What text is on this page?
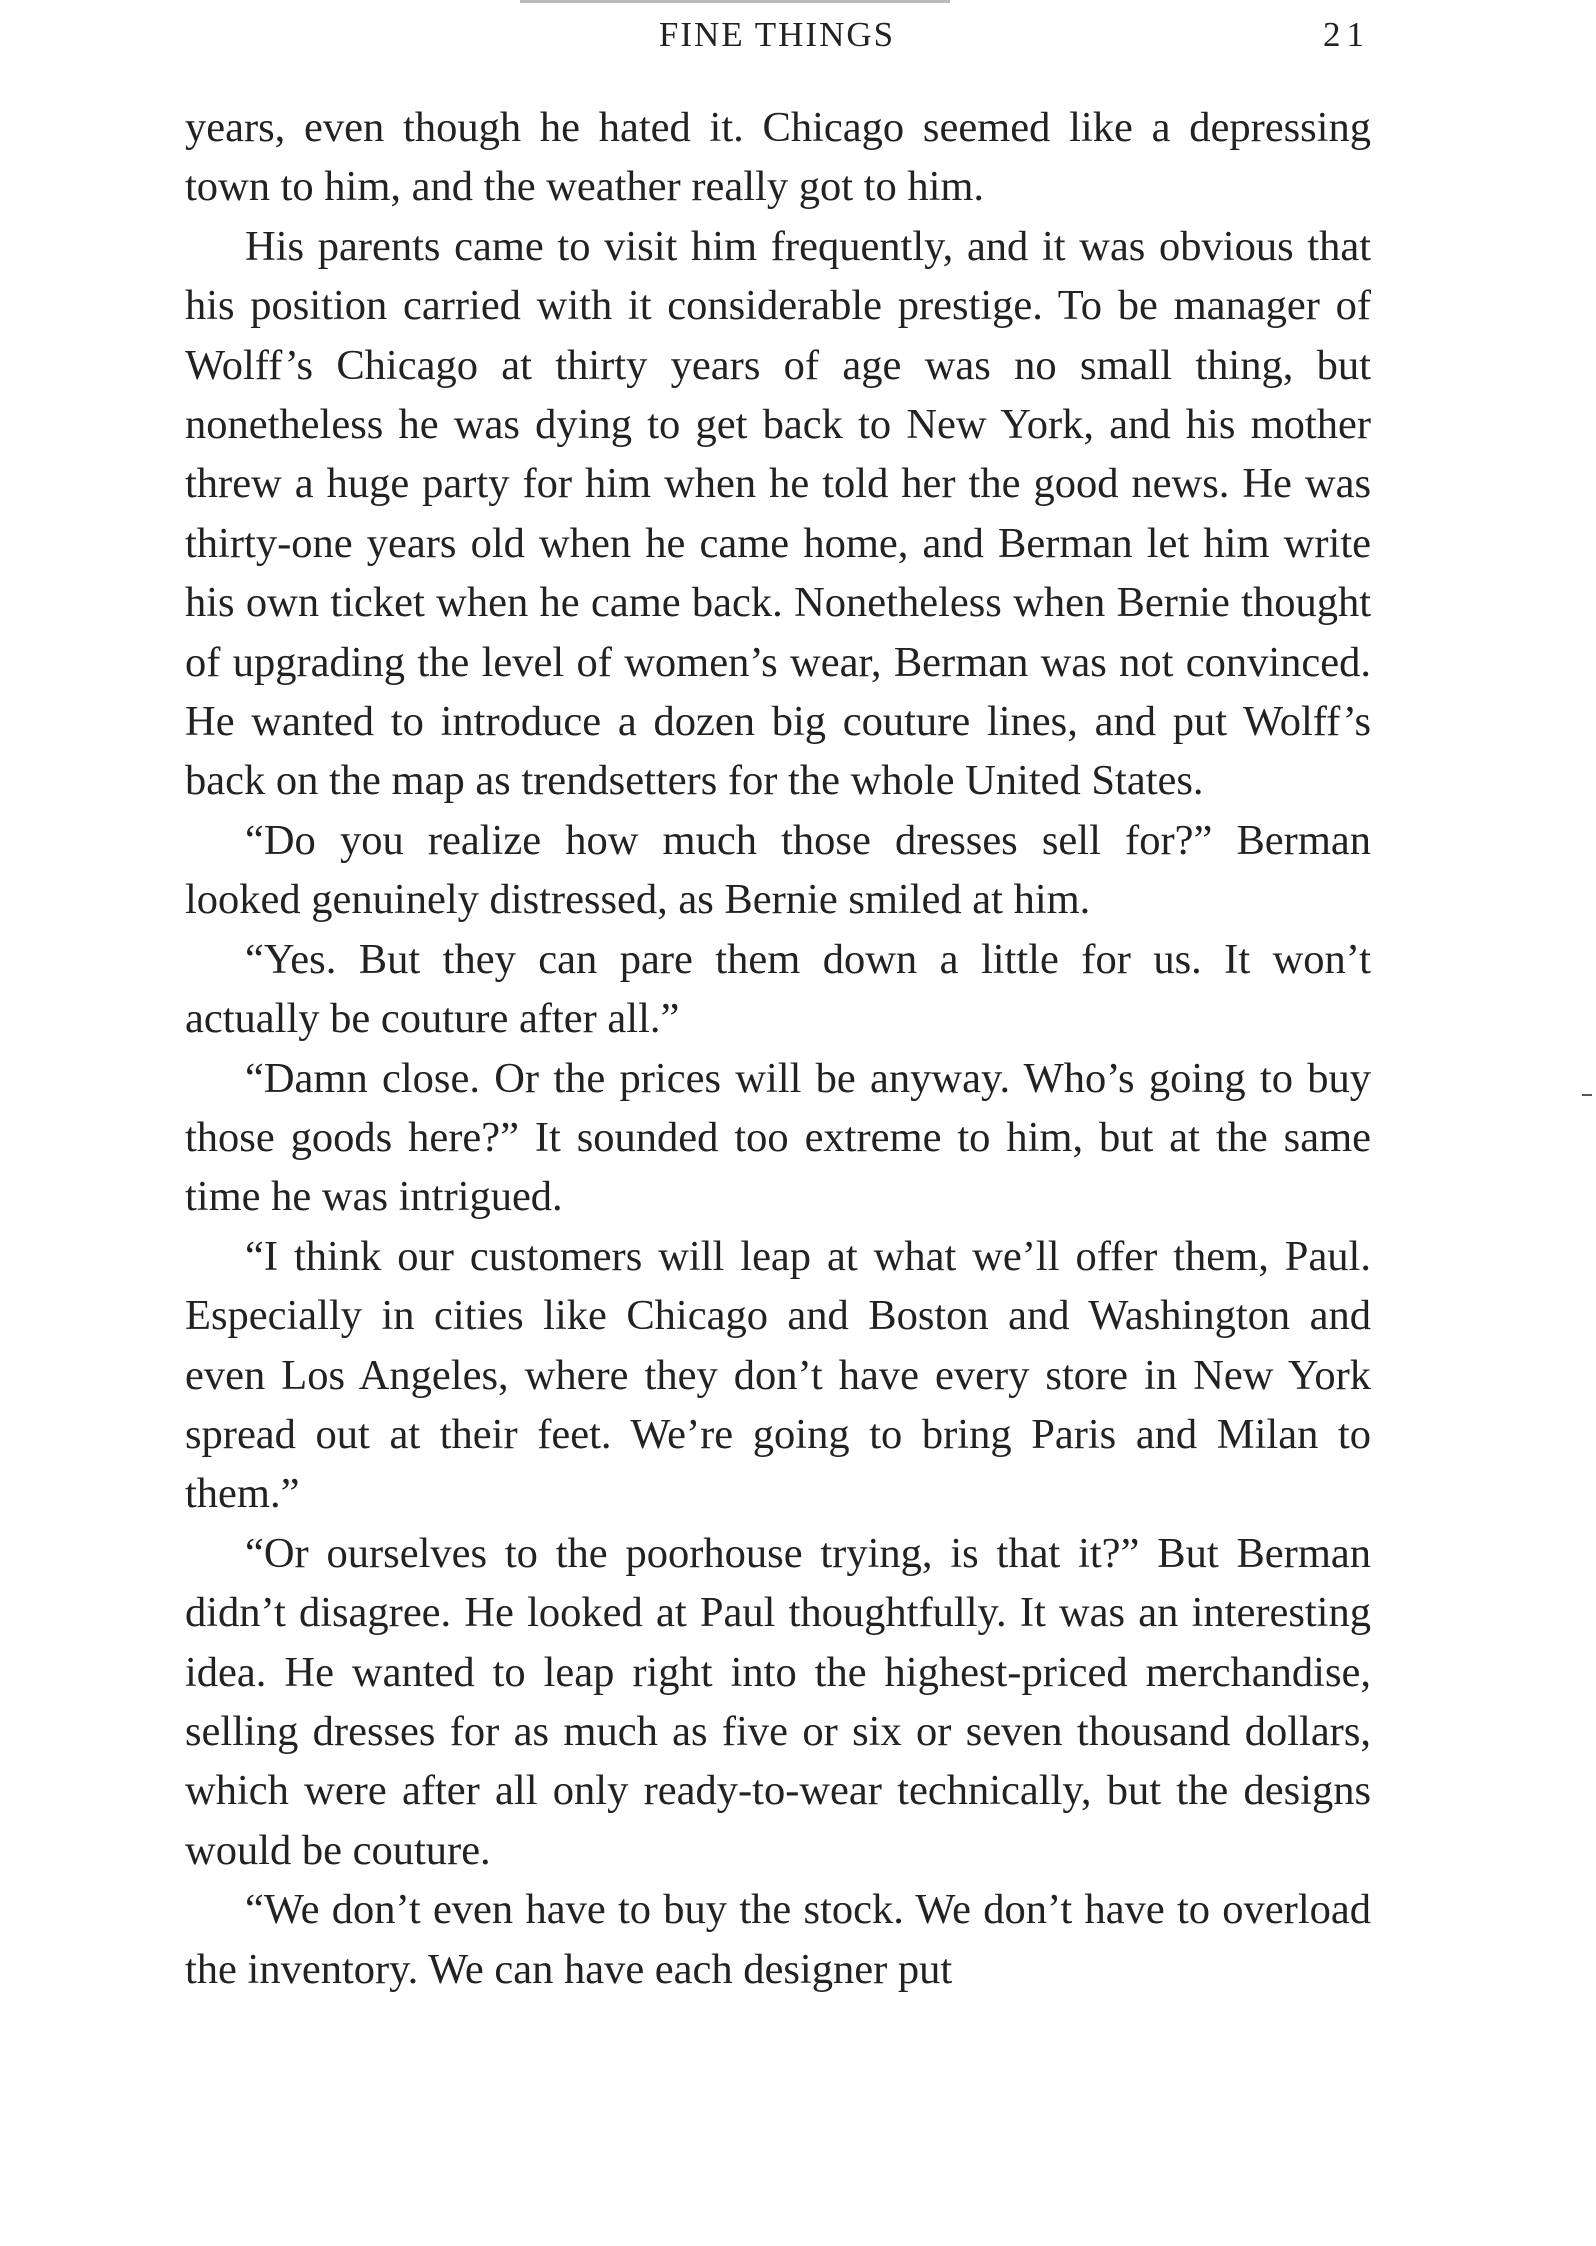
FINE THINGS	21

years, even though he hated it. Chicago seemed like a depressing town to him, and the weather really got to him.

His parents came to visit him frequently, and it was obvious that his position carried with it considerable prestige. To be manager of Wolff’s Chicago at thirty years of age was no small thing, but nonetheless he was dying to get back to New York, and his mother threw a huge party for him when he told her the good news. He was thirty-one years old when he came home, and Berman let him write his own ticket when he came back. Nonetheless when Bernie thought of upgrading the level of women’s wear, Berman was not convinced. He wanted to introduce a dozen big couture lines, and put Wolff’s back on the map as trendsetters for the whole United States.

“Do you realize how much those dresses sell for?” Berman looked genuinely distressed, as Bernie smiled at him.

“Yes. But they can pare them down a little for us. It won’t actually be couture after all.”

“Damn close. Or the prices will be anyway. Who’s going to buy those goods here?” It sounded too extreme to him, but at the same time he was intrigued.

“I think our customers will leap at what we’ll offer them, Paul. Especially in cities like Chicago and Boston and Washington and even Los Angeles, where they don’t have every store in New York spread out at their feet. We’re going to bring Paris and Milan to them.”

“Or ourselves to the poorhouse trying, is that it?” But Berman didn’t disagree. He looked at Paul thoughtfully. It was an interesting idea. He wanted to leap right into the highest-priced merchandise, selling dresses for as much as five or six or seven thousand dollars, which were after all only ready-to-wear technically, but the designs would be couture.

“We don’t even have to buy the stock. We don’t have to overload the inventory. We can have each designer put
